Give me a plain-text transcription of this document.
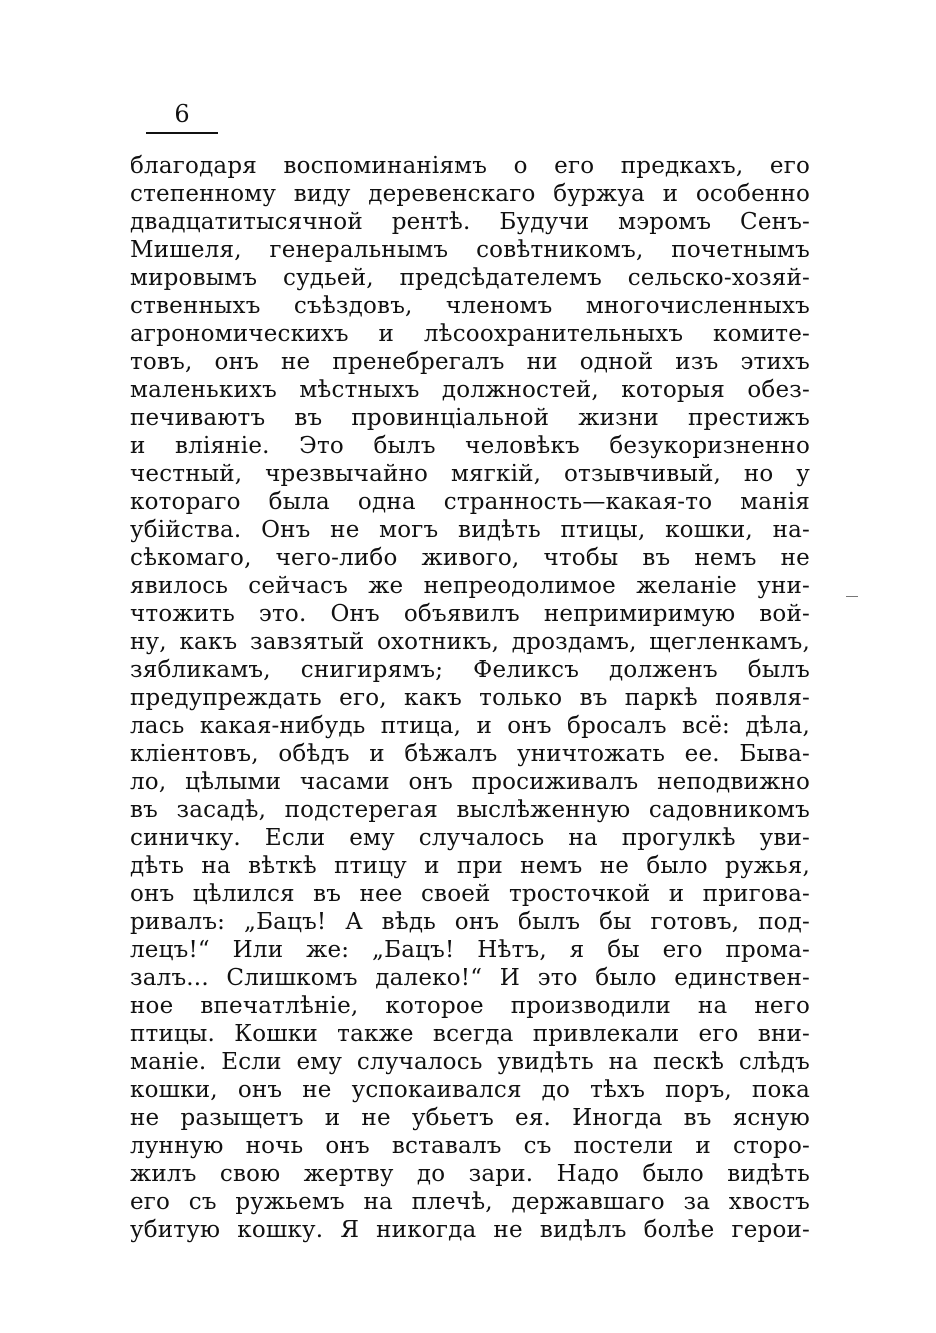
6
благодаря воспоминаніямъ о его предкахъ, его
степенному виду деревенскаго буржуа и особенно
двадцатитысячной рентѣ. Будучи мэромъ Сенъ-
Мишеля, генеральнымъ совѣтникомъ, почетнымъ
мировымъ судьей, предсѣдателемъ сельско-хозяй-
ственныхъ съѣздовъ, членомъ многочисленныхъ
агрономическихъ и лѣсоохранительныхъ комите-
товъ, онъ не пренебрегалъ ни одной изъ этихъ
маленькихъ мѣстныхъ должностей, которыя обез-
печиваютъ въ провинціальной жизни престижъ
и вліяніе. Это былъ человѣкъ безукоризненно
честный, чрезвычайно мягкій, отзывчивый, но у
котораго была одна странность—какая-то манія
убійства. Онъ не могъ видѣть птицы, кошки, на-
сѣкомаго, чего-либо живого, чтобы въ немъ не
явилось сейчасъ же непреодолимое желаніе уни-
чтожить это. Онъ объявилъ непримиримую вой-
ну, какъ завзятый охотникъ, дроздамъ, щегленкамъ,
зябликамъ, снигирямъ; Феликсъ долженъ былъ
предупреждать его, какъ только въ паркѣ появля-
лась какая-нибудь птица, и онъ бросалъ всё: дѣла,
кліентовъ, обѣдъ и бѣжалъ уничтожать ее. Быва-
ло, цѣлыми часами онъ просиживалъ неподвижно
въ засадѣ, подстерегая выслѣженную садовникомъ
синичку. Если ему случалось на прогулкѣ уви-
дѣть на вѣткѣ птицу и при немъ не было ружья,
онъ цѣлился въ нее своей тросточкой и пригова-
ривалъ: „Бацъ! А вѣдь онъ былъ бы готовъ, под-
лецъ!“ Или же: „Бацъ! Нѣтъ, я бы его прома-
залъ... Слишкомъ далеко!“ И это было единствен-
ное впечатлѣніе, которое производили на него
птицы. Кошки также всегда привлекали его вни-
маніе. Если ему случалось увидѣть на пескѣ слѣдъ
кошки, онъ не успокаивался до тѣхъ поръ, пока
не разыщетъ и не убьетъ ея. Иногда въ ясную
лунную ночь онъ вставалъ съ постели и сторо-
жилъ свою жертву до зари. Надо было видѣть
его съ ружьемъ на плечѣ, державшаго за хвостъ
убитую кошку. Я никогда не видѣлъ болѣе герои-
